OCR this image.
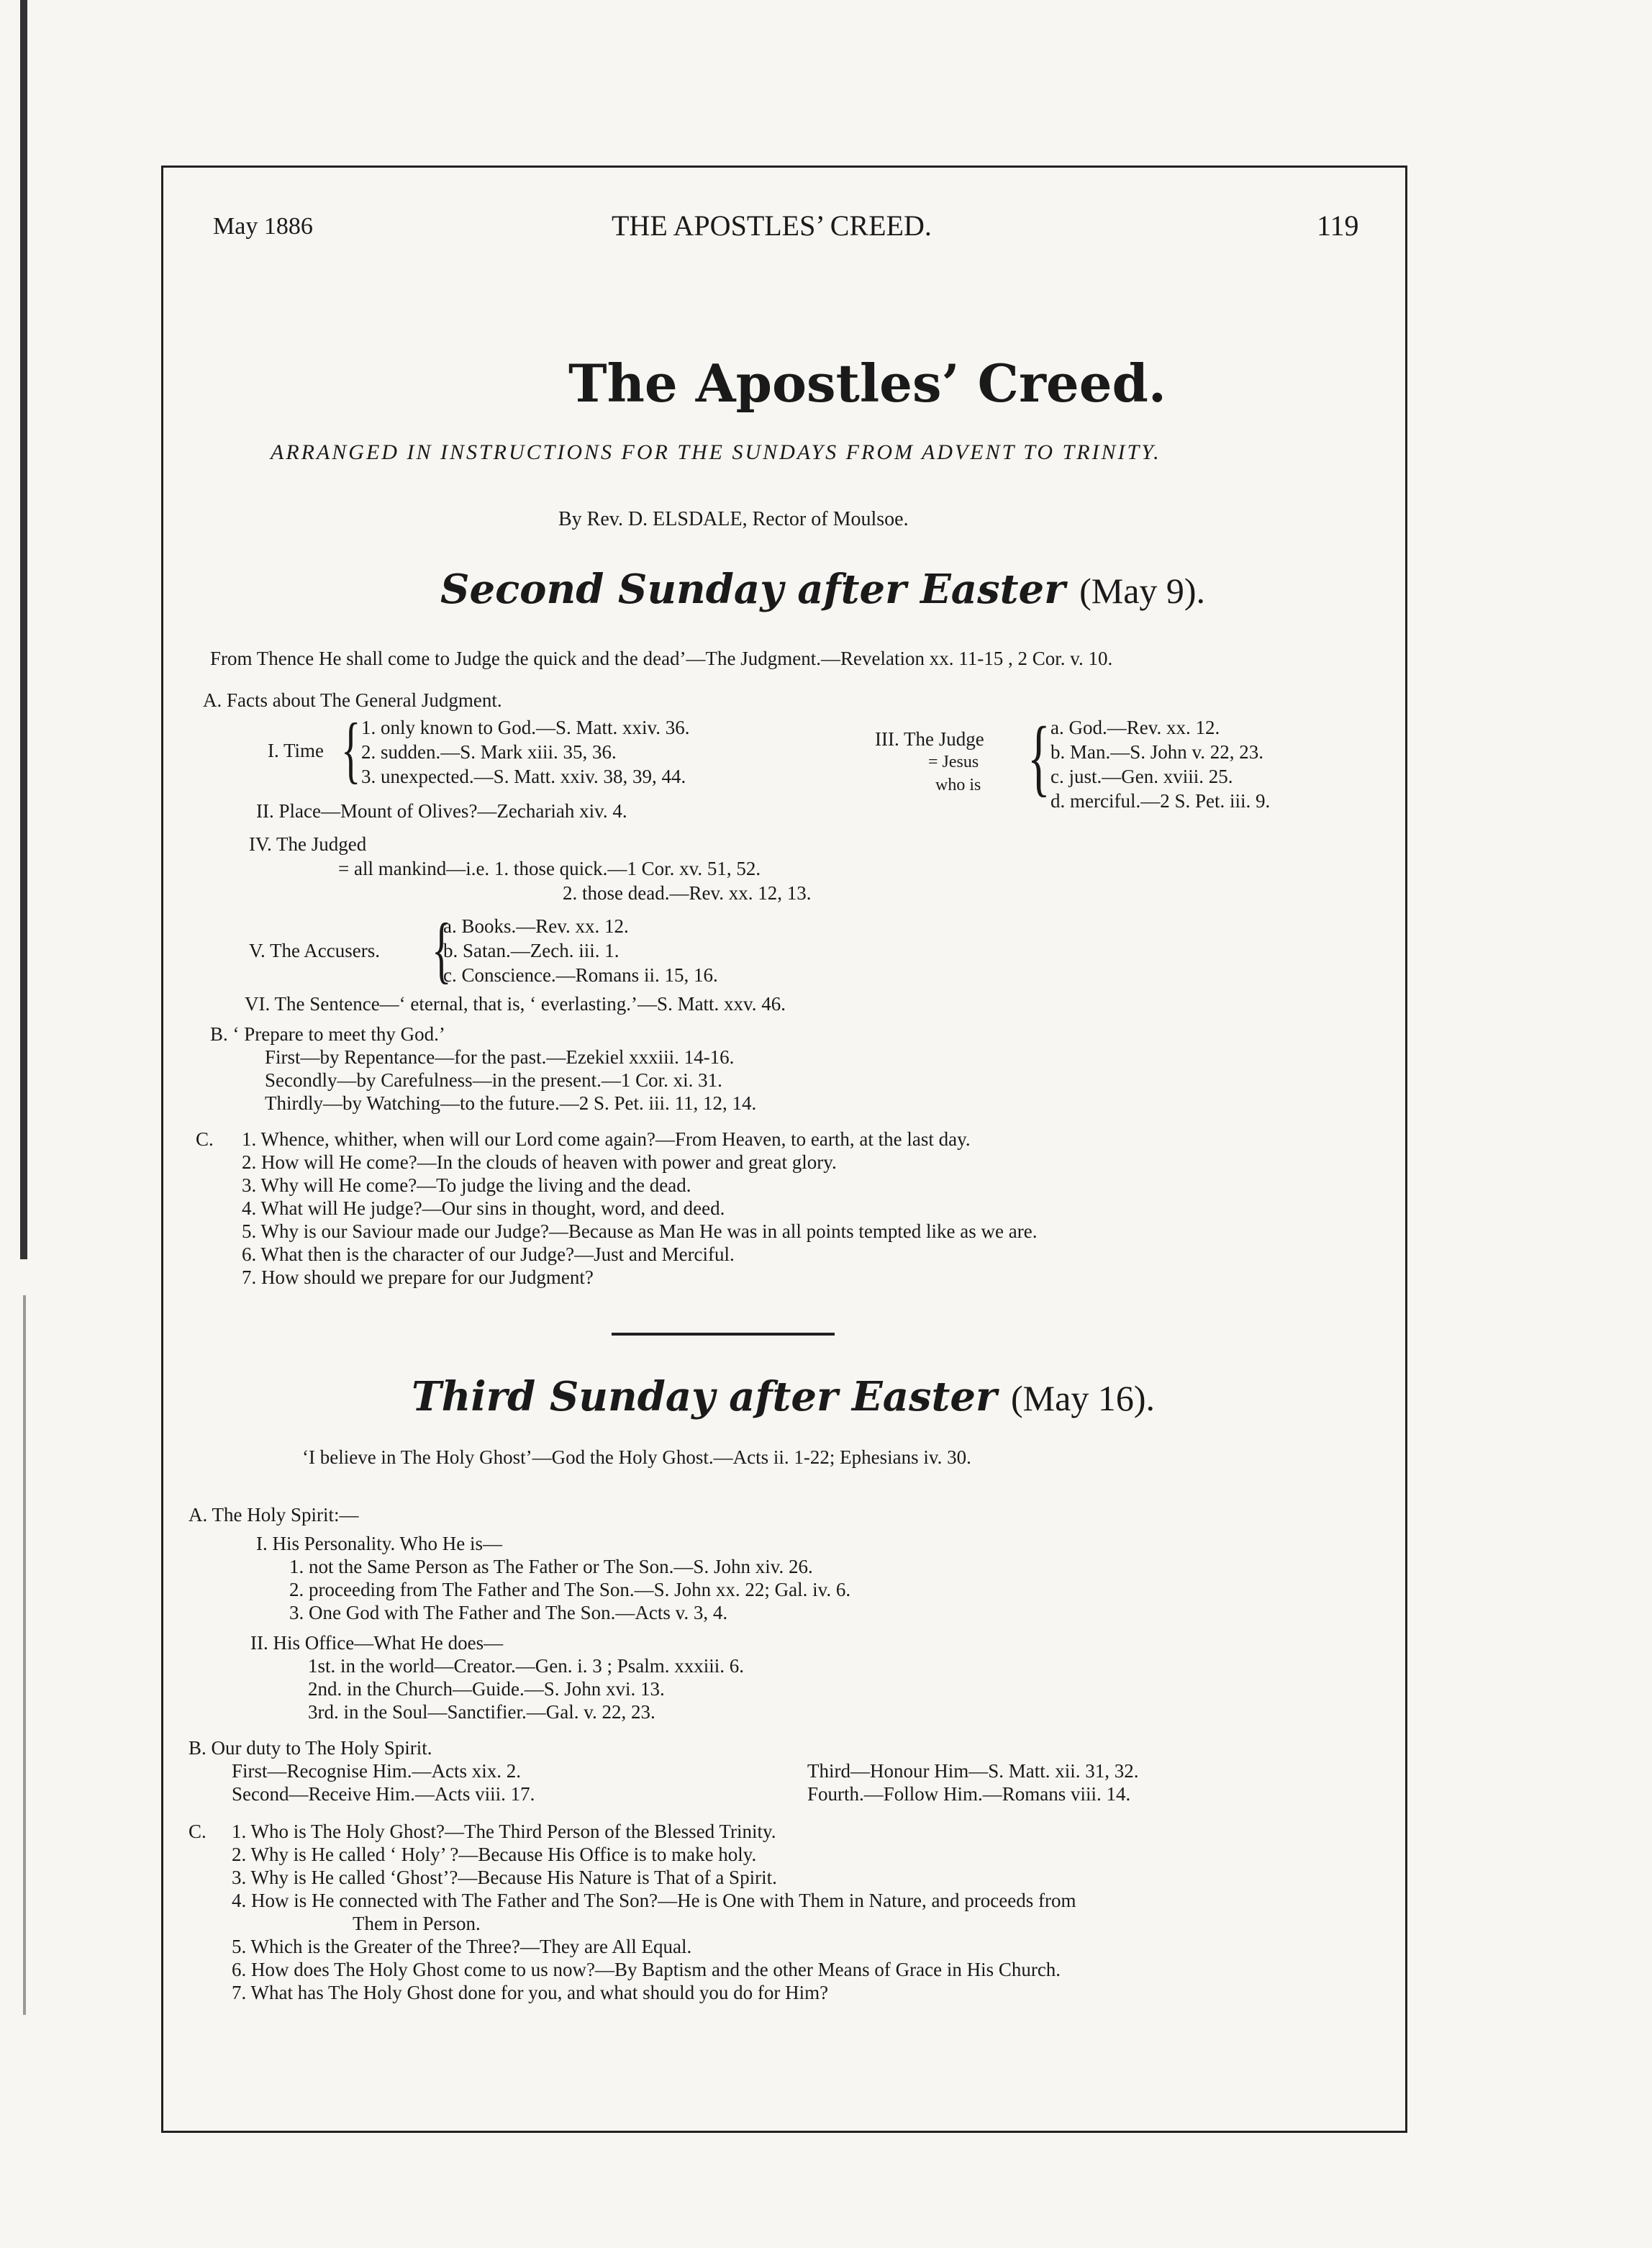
May 1886	THE APOSTLES’ CREED.	119
The Apostles’ Creed.
ARRANGED IN INSTRUCTIONS FOR THE SUNDAYS FROM ADVENT TO TRINITY.
By Rev. D. ELSDALE, Rector of Moulsoe.
Second Sunday after Easter (May 9).
From Thence He shall come to Judge the quick and the dead’—The Judgment.—Revelation xx. 11-15 , 2 Cor. v. 10.
A. Facts about The General Judgment.
I. Time { 1. only known to God.—S. Matt. xxiv. 36.
2. sudden.—S. Mark xiii. 35, 36.
3. unexpected.—S. Matt. xxiv. 38, 39, 44.
III. The Judge
= Jesus
who is { a. God.—Rev. xx. 12.
b. Man.—S. John v. 22, 23.
c. just.—Gen. xviii. 25.
d. merciful.—2 S. Pet. iii. 9.
II. Place—Mount of Olives?—Zechariah xiv. 4.
IV. The Judged
= all mankind—i.e. 1. those quick.—1 Cor. xv. 51, 52.
2. those dead.—Rev. xx. 12, 13.
V. The Accusers. {
a. Books.—Rev. xx. 12.
b. Satan.—Zech. iii. 1.
c. Conscience.—Romans ii. 15, 16.
VI. The Sentence—‘ eternal, that is, ‘ everlasting.’—S. Matt. xxv. 46.
B. ‘ Prepare to meet thy God.’
First—by Repentance—for the past.—Ezekiel xxxiii. 14-16.
Secondly—by Carefulness—in the present.—1 Cor. xi. 31.
Thirdly—by Watching—to the future.—2 S. Pet. iii. 11, 12, 14.
C. 1. Whence, whither, when will our Lord come again?—From Heaven, to earth, at the last day.
2. How will He come?—In the clouds of heaven with power and great glory.
3. Why will He come?—To judge the living and the dead.
4. What will He judge?—Our sins in thought, word, and deed.
5. Why is our Saviour made our Judge?—Because as Man He was in all points tempted like as we are.
6. What then is the character of our Judge?—Just and Merciful.
7. How should we prepare for our Judgment?
Third Sunday after Easter (May 16).
‘I believe in The Holy Ghost’—God the Holy Ghost.—Acts ii. 1-22; Ephesians iv. 30.
A. The Holy Spirit:—
I. His Personality. Who He is—
1. not the Same Person as The Father or The Son.—S. John xiv. 26.
2. proceeding from The Father and The Son.—S. John xx. 22; Gal. iv. 6.
3. One God with The Father and The Son.—Acts v. 3, 4.
II. His Office—What He does—
1st. in the world—Creator.—Gen. i. 3 ; Psalm. xxxiii. 6.
2nd. in the Church—Guide.—S. John xvi. 13.
3rd. in the Soul—Sanctifier.—Gal. v. 22, 23.
B. Our duty to The Holy Spirit.
First—Recognise Him.—Acts xix. 2.
Second—Receive Him.—Acts viii. 17.
Third—Honour Him—S. Matt. xii. 31, 32.
Fourth.—Follow Him.—Romans viii. 14.
C. 1. Who is The Holy Ghost?—The Third Person of the Blessed Trinity.
2. Why is He called ‘ Holy’ ?—Because His Office is to make holy.
3. Why is He called ‘Ghost’?—Because His Nature is That of a Spirit.
4. How is He connected with The Father and The Son?—He is One with Them in Nature, and proceeds from
Them in Person.
5. Which is the Greater of the Three?—They are All Equal.
6. How does The Holy Ghost come to us now?—By Baptism and the other Means of Grace in His Church.
7. What has The Holy Ghost done for you, and what should you do for Him?
